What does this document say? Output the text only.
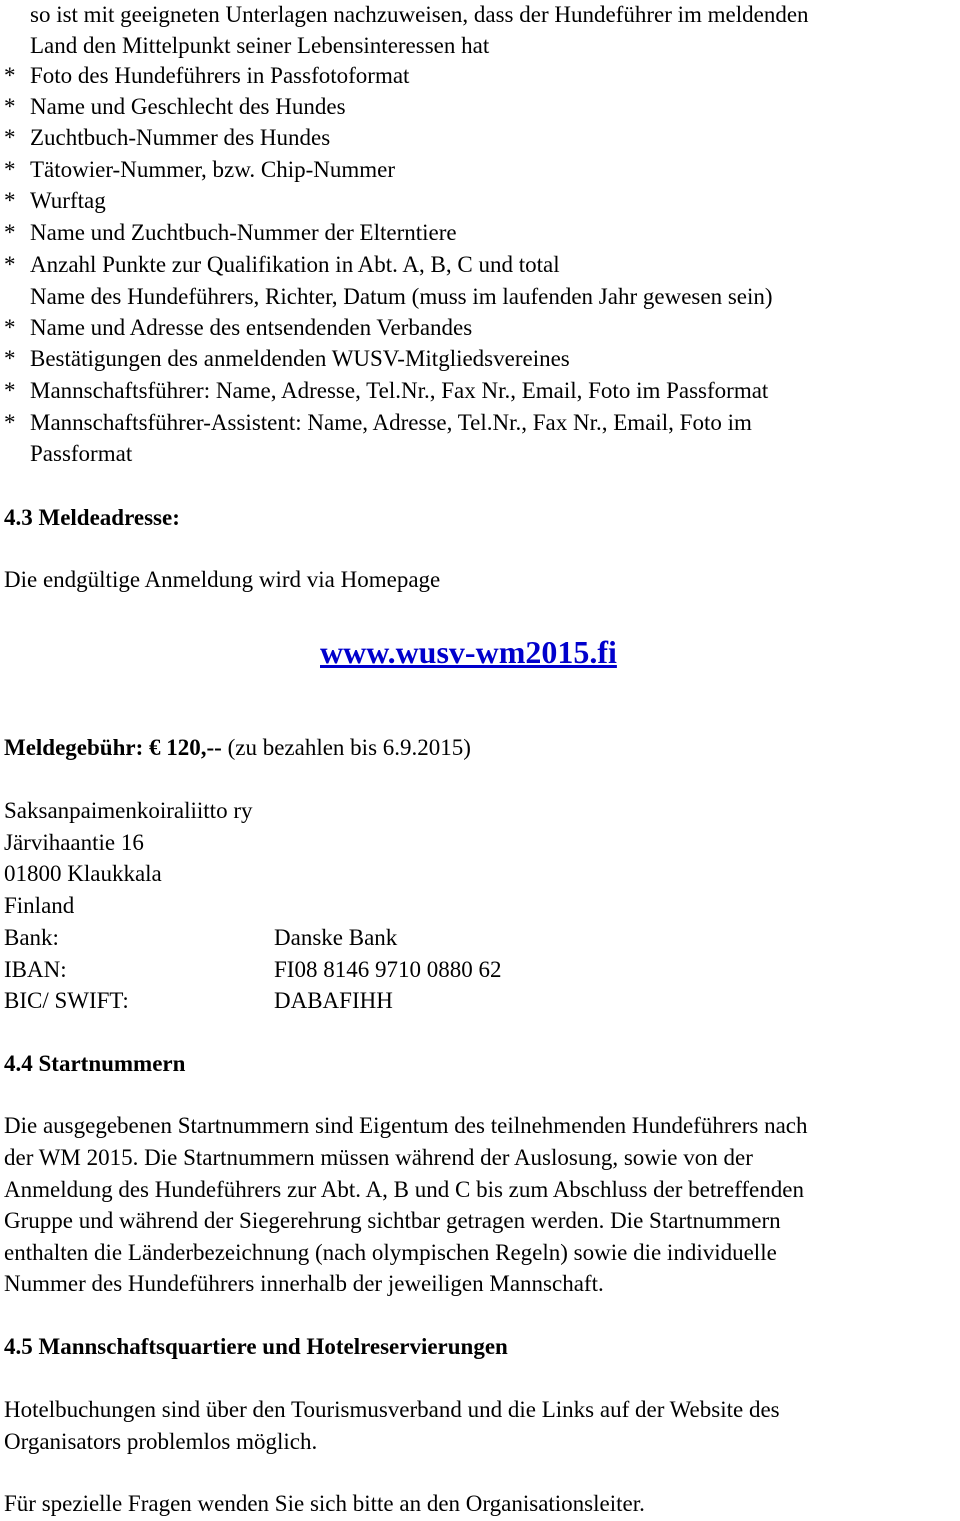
so ist mit geeigneten Unterlagen nachzuweisen, dass der Hundeführer im meldenden
Land den Mittelpunkt seiner Lebensinteressen hat
* Foto des Hundeführers in Passfotoformat
* Name und Geschlecht des Hundes
* Zuchtbuch-Nummer des Hundes
* Tätowier-Nummer, bzw. Chip-Nummer
* Wurftag
* Name und Zuchtbuch-Nummer der Elterntiere
* Anzahl Punkte zur Qualifikation in Abt. A, B, C und total
Name des Hundeführers, Richter, Datum (muss im laufenden Jahr gewesen sein)
* Name und Adresse des entsendenden Verbandes
* Bestätigungen des anmeldenden WUSV-Mitgliedsvereines
* Mannschaftsführer: Name, Adresse, Tel.Nr., Fax Nr., Email, Foto im Passformat
* Mannschaftsführer-Assistent: Name, Adresse, Tel.Nr., Fax Nr., Email, Foto im
Passformat
4.3 Meldeadresse:
Die endgültige Anmeldung wird via Homepage
www.wusv-wm2015.fi
Meldegebühr: € 120,-- (zu bezahlen bis 6.9.2015)
Saksanpaimenkoiraliitto ry
Järvihaantie 16
01800 Klaukkala
Finland
Bank:	Danske Bank
IBAN:	FI08 8146 9710 0880 62
BIC/ SWIFT:	DABAFIHH
4.4 Startnummern
Die ausgegebenen Startnummern sind Eigentum des teilnehmenden Hundeführers nach
der WM 2015. Die Startnummern müssen während der Auslosung, sowie von der
Anmeldung des Hundeführers zur Abt. A, B und C bis zum Abschluss der betreffenden
Gruppe und während der Siegerehrung sichtbar getragen werden. Die Startnummern
enthalten die Länderbezeichnung (nach olympischen Regeln) sowie die individuelle
Nummer des Hundeführers innerhalb der jeweiligen Mannschaft.
4.5 Mannschaftsquartiere und Hotelreservierungen
Hotelbuchungen sind über den Tourismusverband und die Links auf der Website des
Organisators problemlos möglich.
Für spezielle Fragen wenden Sie sich bitte an den Organisationsleiter.
